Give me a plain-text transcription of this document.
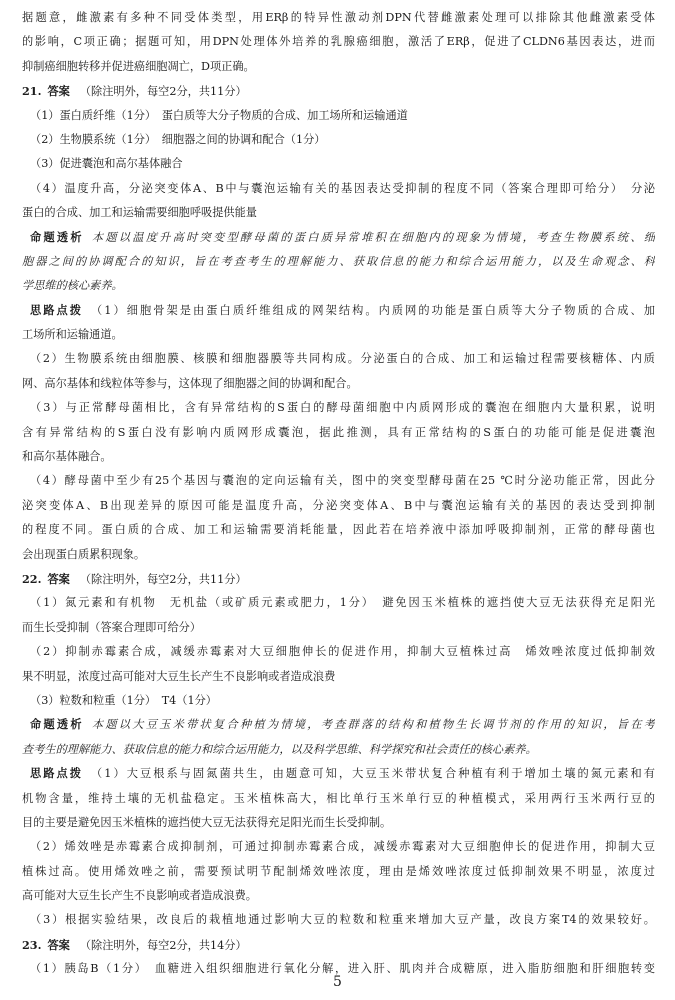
据题意，雌激素有多种不同受体类型，用ERβ的特异性激动剂DPN代替雌激素处理可以排除其他雌激素受体
的影响，C项正确；据题可知，用DPN处理体外培养的乳腺癌细胞，激活了ERβ，促进了CLDN6基因表达，进而
抑制癌细胞转移并促进癌细胞凋亡，D项正确。
21. 答案 （除注明外，每空2分，共11分）
（1）蛋白质纤维（1分）　蛋白质等大分子物质的合成、加工场所和运输通道
（2）生物膜系统（1分）　细胞器之间的协调和配合（1分）
（3）促进囊泡和高尔基体融合
（4）温度升高，分泌突变体A、B中与囊泡运输有关的基因表达受抑制的程度不同（答案合理即可给分）　分泌
蛋白的合成、加工和运输需要细胞呼吸提供能量
命题透析 本题以温度升高时突变型酵母菌的蛋白质异常堆积在细胞内的现象为情境，考查生物膜系统、细
胞器之间的协调配合的知识，旨在考查考生的理解能力、获取信息的能力和综合运用能力，以及生命观念、科
学思维的核心素养。
思路点拨 （1）细胞骨架是由蛋白质纤维组成的网架结构。内质网的功能是蛋白质等大分子物质的合成、加
工场所和运输通道。
（2）生物膜系统由细胞膜、核膜和细胞器膜等共同构成。分泌蛋白的合成、加工和运输过程需要核糖体、内质
网、高尔基体和线粒体等参与，这体现了细胞器之间的协调和配合。
（3）与正常酵母菌相比，含有异常结构的S蛋白的酵母菌细胞中内质网形成的囊泡在细胞内大量积累，说明
含有异常结构的S蛋白没有影响内质网形成囊泡，据此推测，具有正常结构的S蛋白的功能可能是促进囊泡
和高尔基体融合。
（4）酵母菌中至少有25个基因与囊泡的定向运输有关，图中的突变型酵母菌在25 ℃时分泌功能正常，因此分
泌突变体A、B出现差异的原因可能是温度升高，分泌突变体A、B中与囊泡运输有关的基因的表达受到抑制
的程度不同。蛋白质的合成、加工和运输需要消耗能量，因此若在培养液中添加呼吸抑制剂，正常的酵母菌也
会出现蛋白质累积现象。
22. 答案 （除注明外，每空2分，共11分）
（1）氮元素和有机物　无机盐（或矿质元素或肥力，1分）　避免因玉米植株的遮挡使大豆无法获得充足阳光
而生长受抑制（答案合理即可给分）
（2）抑制赤霉素合成，减缓赤霉素对大豆细胞伸长的促进作用，抑制大豆植株过高　烯效唑浓度过低抑制效
果不明显，浓度过高可能对大豆生长产生不良影响或者造成浪费
（3）粒数和粒重（1分）　T4（1分）
命题透析 本题以大豆玉米带状复合种植为情境，考查群落的结构和植物生长调节剂的作用的知识，旨在考
查考生的理解能力、获取信息的能力和综合运用能力，以及科学思维、科学探究和社会责任的核心素养。
思路点拨 （1）大豆根系与固氮菌共生，由题意可知，大豆玉米带状复合种植有利于增加土壤的氮元素和有
机物含量，维持土壤的无机盐稳定。玉米植株高大，相比单行玉米单行豆的种植模式，采用两行玉米两行豆的
目的主要是避免因玉米植株的遮挡使大豆无法获得充足阳光而生长受抑制。
（2）烯效唑是赤霉素合成抑制剂，可通过抑制赤霉素合成，减缓赤霉素对大豆细胞伸长的促进作用，抑制大豆
植株过高。使用烯效唑之前，需要预试明节配制烯效唑浓度，理由是烯效唑浓度过低抑制效果不明显，浓度过
高可能对大豆生长产生不良影响或者造成浪费。
（3）根据实验结果，改良后的栽植地通过影响大豆的粒数和粒重来增加大豆产量，改良方案T4的效果较好。
23. 答案 （除注明外，每空2分，共14分）
（1）胰岛B（1分）　血糖进入组织细胞进行氧化分解，进入肝、肌肉并合成糖原，进入脂肪细胞和肝细胞转变
5
